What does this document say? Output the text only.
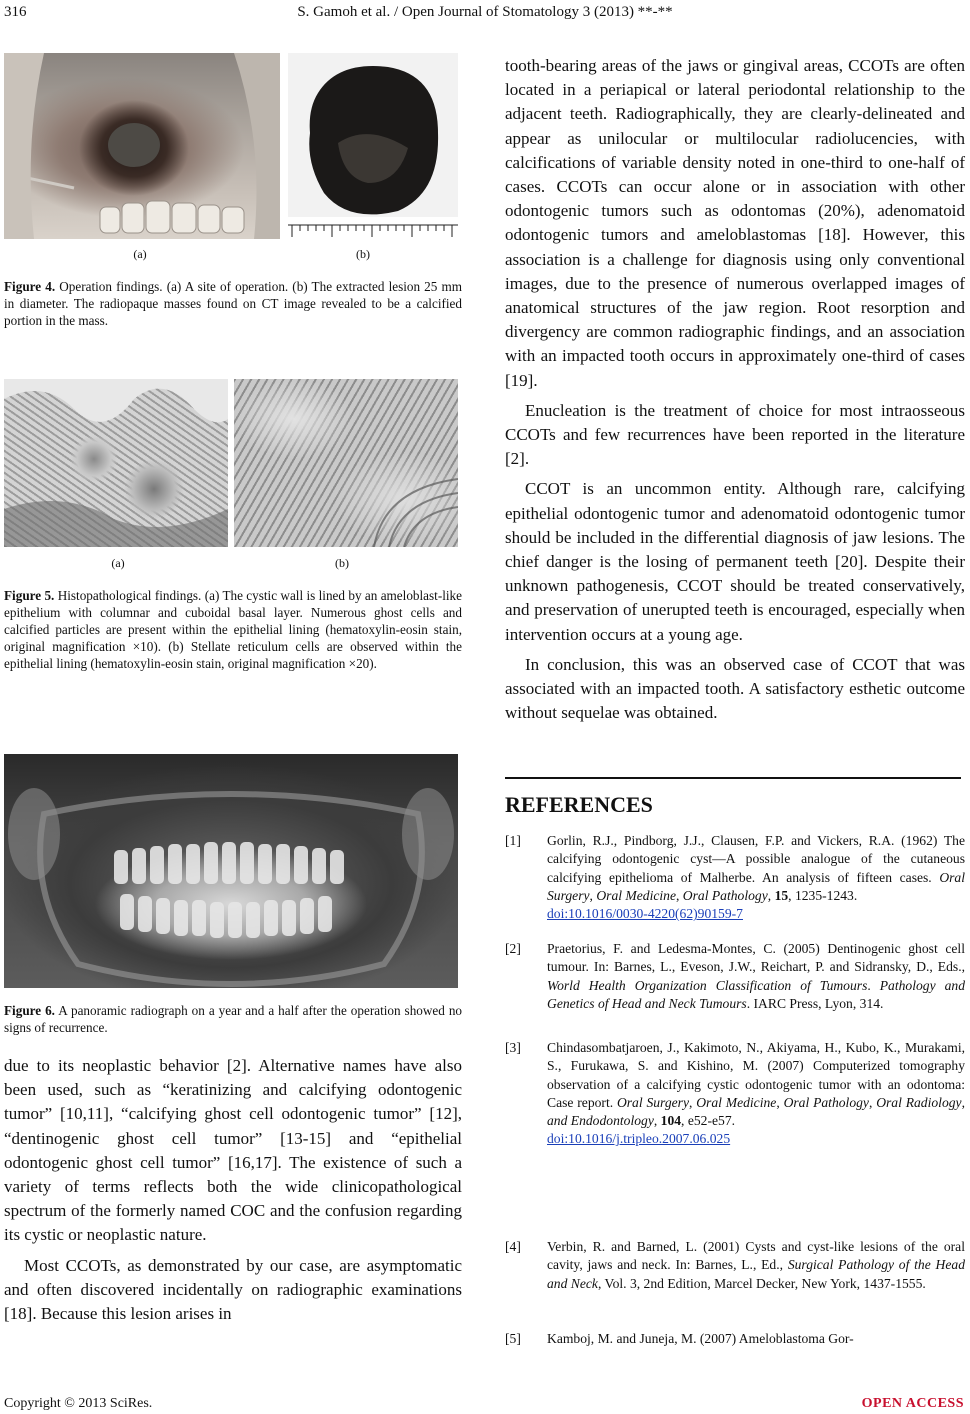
316	S. Gamoh et al. / Open Journal of Stomatology 3 (2013) **-**
(a)	(b)

Figure 4. Operation findings. (a) A site of operation. (b) The extracted lesion 25 mm in diameter. The radiopaque masses found on CT image revealed to be a calcified portion in the mass.

(a)	(b)

Figure 5. Histopathological findings. (a) The cystic wall is lined by an ameloblast-like epithelium with columnar and cuboidal basal layer. Numerous ghost cells and calcified particles are present within the epithelial lining (hematoxylin-eosin stain, original magnification ×10). (b) Stellate reticulum cells are observed within the epithelial lining (hematoxylin-eosin stain, original magnification ×20).

Figure 6. A panoramic radiograph on a year and a half after the operation showed no signs of recurrence.

due to its neoplastic behavior [2]. Alternative names have also been used, such as “keratinizing and calcifying odontogenic tumor” [10,11], “calcifying ghost cell odontogenic tumor” [12], “dentinogenic ghost cell tumor” [13-15] and “epithelial odontogenic ghost cell tumor” [16,17]. The existence of such a variety of terms reflects both the wide clinicopathological spectrum of the formerly named COC and the confusion regarding its cystic or neoplastic nature.

Most CCOTs, as demonstrated by our case, are asymptomatic and often discovered incidentally on radiographic examinations [18]. Because this lesion arises in

tooth-bearing areas of the jaws or gingival areas, CCOTs are often located in a periapical or lateral periodontal relationship to the adjacent teeth. Radiographically, they are clearly-delineated and appear as unilocular or multilocular radiolucencies, with calcifications of variable density noted in one-third to one-half of cases. CCOTs can occur alone or in association with other odontogenic tumors such as odontomas (20%), adenomatoid odontogenic tumors and ameloblastomas [18]. However, this association is a challenge for diagnosis using only conventional images, due to the presence of numerous overlapped images of anatomical structures of the jaw region. Root resorption and divergency are common radiographic findings, and an association with an impacted tooth occurs in approximately one-third of cases [19].

Enucleation is the treatment of choice for most intraosseous CCOTs and few recurrences have been reported in the literature [2].

CCOT is an uncommon entity. Although rare, calcifying epithelial odontogenic tumor and adenomatoid odontogenic tumor should be included in the differential diagnosis of jaw lesions. The chief danger is the losing of permanent teeth [20]. Despite their unknown pathogenesis, CCOT should be treated conservatively, and preservation of unerupted teeth is encouraged, especially when intervention occurs at a young age.

In conclusion, this was an observed case of CCOT that was associated with an impacted tooth. A satisfactory esthetic outcome without sequelae was obtained.

REFERENCES
[1]	Gorlin, R.J., Pindborg, J.J., Clausen, F.P. and Vickers, R.A. (1962) The calcifying odontogenic cyst—A possible analogue of the cutaneous calcifying epithelioma of Malherbe. An analysis of fifteen cases. Oral Surgery, Oral Medicine, Oral Pathology, 15, 1235-1243.
doi:10.1016/0030-4220(62)90159-7
[2]	Praetorius, F. and Ledesma-Montes, C. (2005) Dentinogenic ghost cell tumour. In: Barnes, L., Eveson, J.W., Reichart, P. and Sidransky, D., Eds., World Health Organization Classification of Tumours. Pathology and Genetics of Head and Neck Tumours. IARC Press, Lyon, 314.
[3]	Chindasombatjaroen, J., Kakimoto, N., Akiyama, H., Kubo, K., Murakami, S., Furukawa, S. and Kishino, M. (2007) Computerized tomography observation of a calcifying cystic odontogenic tumor with an odontoma: Case report. Oral Surgery, Oral Medicine, Oral Pathology, Oral Radiology, and Endodontology, 104, e52-e57.
doi:10.1016/j.tripleo.2007.06.025
[4]	Verbin, R. and Barned, L. (2001) Cysts and cyst-like lesions of the oral cavity, jaws and neck. In: Barnes, L., Ed., Surgical Pathology of the Head and Neck, Vol. 3, 2nd Edition, Marcel Decker, New York, 1437-1555.
[5]	Kamboj, M. and Juneja, M. (2007) Ameloblastoma Gor-
Copyright © 2013 SciRes.	OPEN ACCESS
